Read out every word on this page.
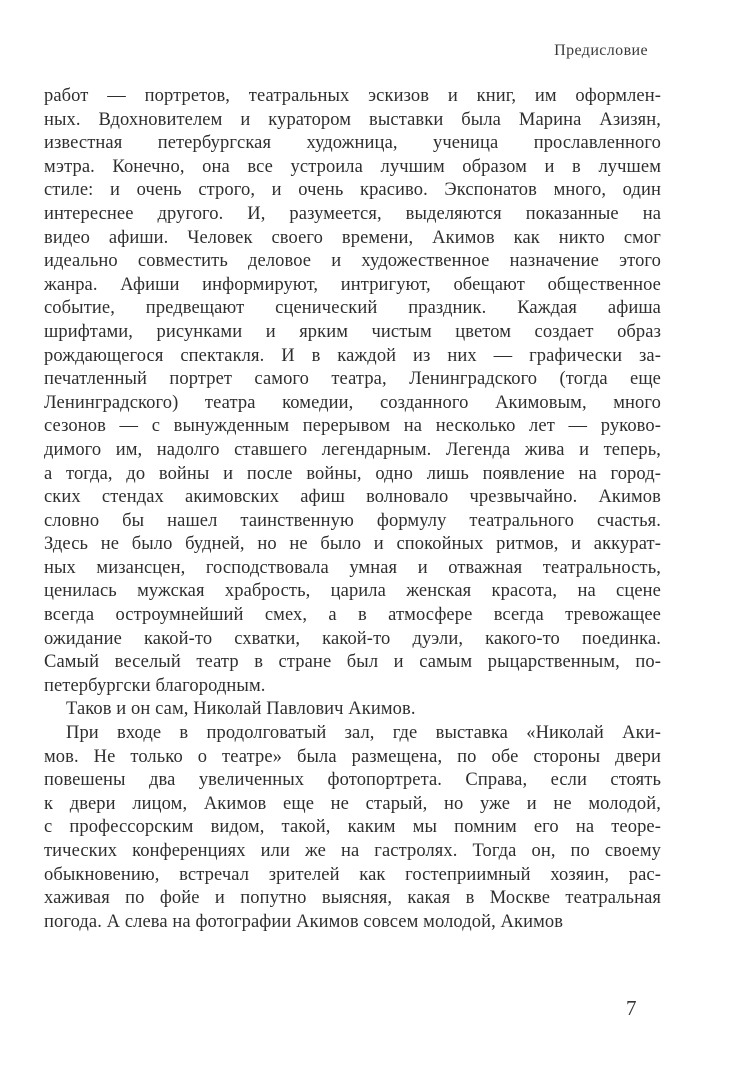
Предисловие
работ — портретов, театральных эскизов и книг, им оформлен-
ных. Вдохновителем и куратором выставки была Марина Азизян,
известная петербургская художница, ученица прославленного
мэтра. Конечно, она все устроила лучшим образом и в лучшем
стиле: и очень строго, и очень красиво. Экспонатов много, один
интереснее другого. И, разумеется, выделяются показанные на
видео афиши. Человек своего времени, Акимов как никто смог
идеально совместить деловое и художественное назначение этого
жанра. Афиши информируют, интригуют, обещают общественное
событие, предвещают сценический праздник. Каждая афиша
шрифтами, рисунками и ярким чистым цветом создает образ
рождающегося спектакля. И в каждой из них — графически за-
печатленный портрет самого театра, Ленинградского (тогда еще
Ленинградского) театра комедии, созданного Акимовым, много
сезонов — с вынужденным перерывом на несколько лет — руково-
димого им, надолго ставшего легендарным. Легенда жива и теперь,
а тогда, до войны и после войны, одно лишь появление на город-
ских стендах акимовских афиш волновало чрезвычайно. Акимов
словно бы нашел таинственную формулу театрального счастья.
Здесь не было будней, но не было и спокойных ритмов, и аккурат-
ных мизансцен, господствовала умная и отважная театральность,
ценилась мужская храбрость, царила женская красота, на сцене
всегда остроумнейший смех, а в атмосфере всегда тревожащее
ожидание какой-то схватки, какой-то дуэли, какого-то поединка.
Самый веселый театр в стране был и самым рыцарственным, по-
петербургски благородным.
Таков и он сам, Николай Павлович Акимов.
При входе в продолговатый зал, где выставка «Николай Аки-
мов. Не только о театре» была размещена, по обе стороны двери
повешены два увеличенных фотопортрета. Справа, если стоять
к двери лицом, Акимов еще не старый, но уже и не молодой,
с профессорским видом, такой, каким мы помним его на теоре-
тических конференциях или же на гастролях. Тогда он, по своему
обыкновению, встречал зрителей как гостеприимный хозяин, рас-
хаживая по фойе и попутно выясняя, какая в Москве театральная
погода. А слева на фотографии Акимов совсем молодой, Акимов
7
